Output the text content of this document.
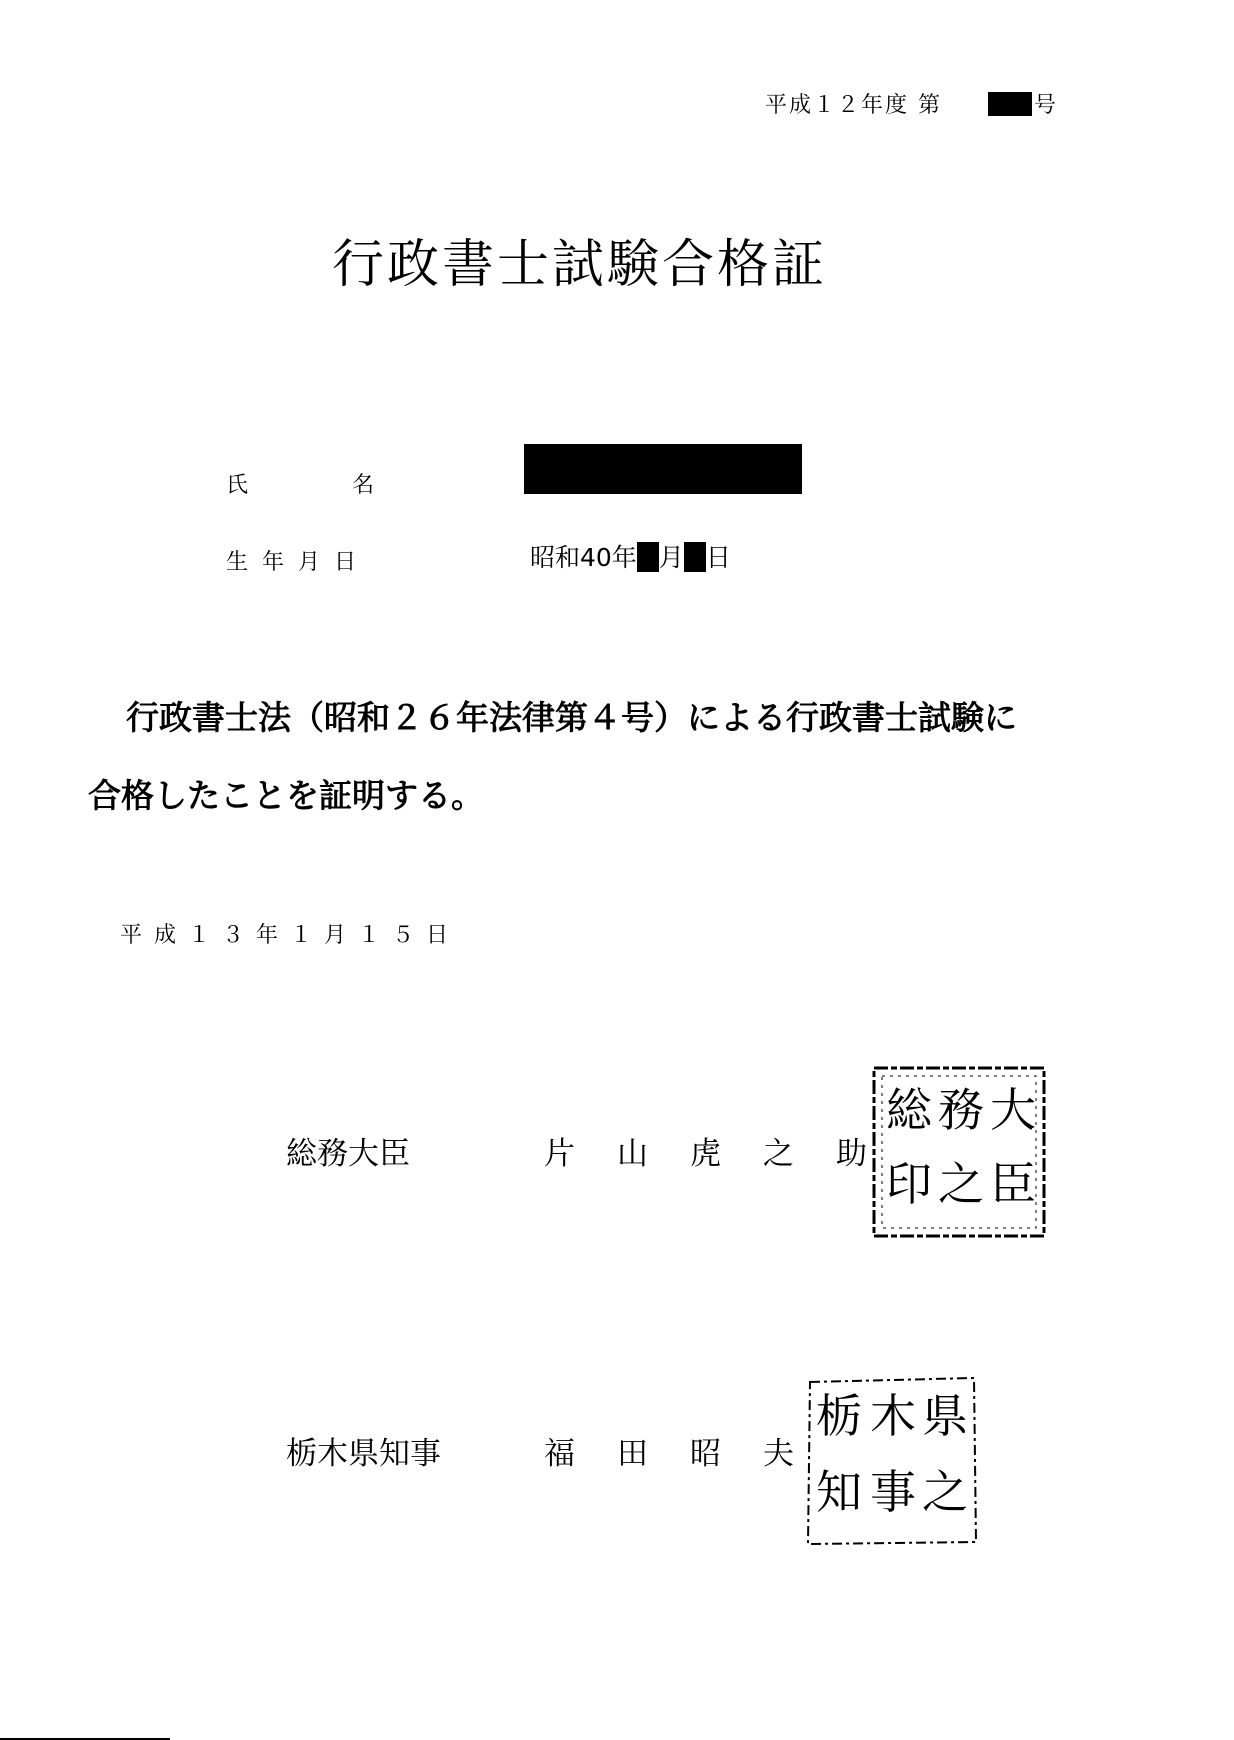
平成１２年度 第	号
行政書士試験合格証
氏	名
生年月日	昭和40年 月 日
行政書士法（昭和２６年法律第４号）による行政書士試験に
合格したことを証明する。
平成１３年１月１５日
総務大臣	片山虎之助
大
臣
務
之
総
印
栃木県知事	福田昭夫
県
之
木
事
栃
知
